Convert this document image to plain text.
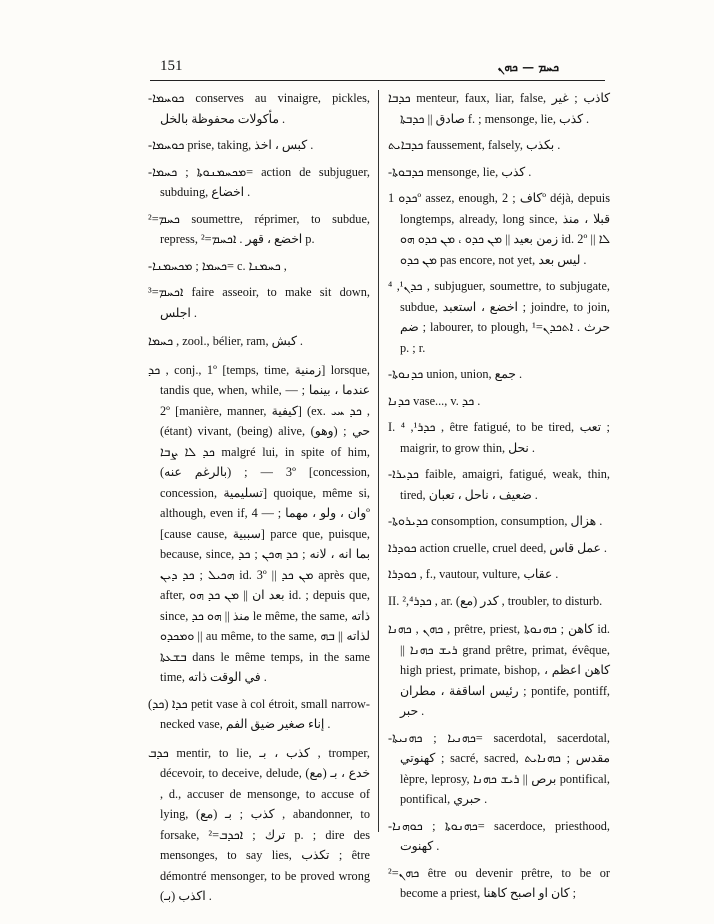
151	ܟܚܡ — ܟܗܢ

-ܟܘܚܡܐ conserves au vinaigre, pickles, مأكولات محفوظة بالخل .

-ܟܘܚܡܐ prise, taking, كبس ، اخذ .

-ܡܟܚܡܢܘܬܐ ; ܟܚܡܐ= action de subjuguer, subduing, اخضاع .

ܟܚܡ=² soumettre, réprimer, to subdue, repress, اخضع ، قهر . ܐܟܚܡ=² p.

-ܟܚܡܐ ; ܡܟܚܡܢܐ= c. ܟܚܡܢܐ ,

ܐܟܚܡ=³ faire asseoir, to make sit down, اجلس .

ܟܚܡܐ , zool., bélier, ram, كبش .

ܟܕ , conj., 1º [temps, time, زمنية] lorsque, tandis que, when, while, عندما ، بينما ; — 2º [manière, manner, كيفية] (ex. ܟܕ ܚܝ , (étant) vivant, (being) alive, (وهو) حي ; ܟܕ ܠܐ ܨܒܐ malgré lui, in spite of him, (بالرغم عنه) ; — 3º [concession, concession, تسليمية] quoique, même si, although, even if, وان ، ولو ، مهما ; — 4º [cause cause, سببية] parce que, puisque, because, since, بما انه ، لانه ; ܟܕ ܗܟܢ ; ܟܕ ܗܟܝܠ ; ܟܕ ܕܝܢ id. 3º || ܡܢ ܟܕ après que, after, بعد ان || ܡܢ ܟܕ ܗܘ id. ; depuis que, since, منذ || ܗܘ ܟܕ le même, the same, ذاته || ܘܡܟܕܘ au même, to the same, لذاته || ܒܗ ܒܫܥܬܐ dans le même temps, in the same time, في الوقت ذاته .

(ܟܕ) ܟܕܐ petit vase à col étroit, small narrow-necked vase, إناء صغير ضيق الفم .

ܟܕܒ mentir, to lie, كذب ، بـ , tromper, décevoir, to deceive, delude, (مع) خدع ، بـ , d., accuser de mensonge, to accuse of lying, (مع) كذب ; بـ , abandonner, to forsake, ترك ; ܐܟܕܒ=² p. ; dire des mensonges, to say lies, تكذب ; être démontré mensonger, to be proved wrong (بـ) اكذب .

ܟܕܒܐ menteur, faux, liar, false, كاذب ; غير صادق || ܟܕܒܬܐ f. ; mensonge, lie, كذب .

ܟܕܒܐܝܬ faussement, falsely, بكذب .

-ܟܕܒܘܬܐ mensonge, lie, كذب .

ܟܕܘ 1º assez, enough, كاف ; 2º déjà, depuis longtemps, already, long since, قبلا ، منذ زمن بعيد || ܡܢ ܟܕܘ ، ܡܢ ܟܕܘ ܗܘ id. 2º || ܠܐ ܡܢ ܟܕܘ pas encore, not yet, ليس بعد .

ܟܕܢ¹, ⁴ , subjuguer, soumettre, to subjugate, subdue, اخضع ، استعبد ; joindre, to join, ضم ; labourer, to plough, حرث . ܐܬܟܕܢ=¹ p. ; r.

-ܟܕܢܘܬܐ union, union, جمع .

ܟܕܢܐ vase..., v. ܟܕ .

I. ܟܕܪ¹, ⁴ , être fatigué, to be tired, تعب ; maigrir, to grow thin, نحل .

-ܟܕܝܪܐ faible, amaigri, fatigué, weak, thin, tired, ضعيف ، ناحل ، تعبان .

-ܟܕܝܪܘܬܐ consomption, consumption, هزال .

ܟܘܕܪܐ action cruelle, cruel deed, عمل قاس .

ܟܘܕܪܐ , f., vautour, vulture, عقاب .

II. ܟܕܪ²,⁴ , ar. (مع) كدر , troubler, to disturb.

ܟܗܢ , ܟܗܢܐ , prêtre, priest, كاهن ; ܟܗܢܘܬܐ id. || ܪܝܫ ܟܗܢܐ grand prêtre, primat, évêque, high priest, primate, bishop, كاهن اعظم ، رئيس اساقفة ، مطران ; pontife, pontiff, حبر .

-ܟܗܢܝܐ ; ܟܗܢܝܬܐ= sacerdotal, sacerdotal, كهنوتي ; sacré, sacred, مقدس ; ܟܗܢܐܝܬ lèpre, leprosy, برص || ܪܝܫ ܟܗܢܐ pontifical, pontifical, حبري .

-ܟܗܢܘܬܐ ; ܟܘܗܢܐ= sacerdoce, priesthood, كهنوت .

ܟܗܢ=² être ou devenir prêtre, to be or become a priest, كان او اصبح كاهنا ;
